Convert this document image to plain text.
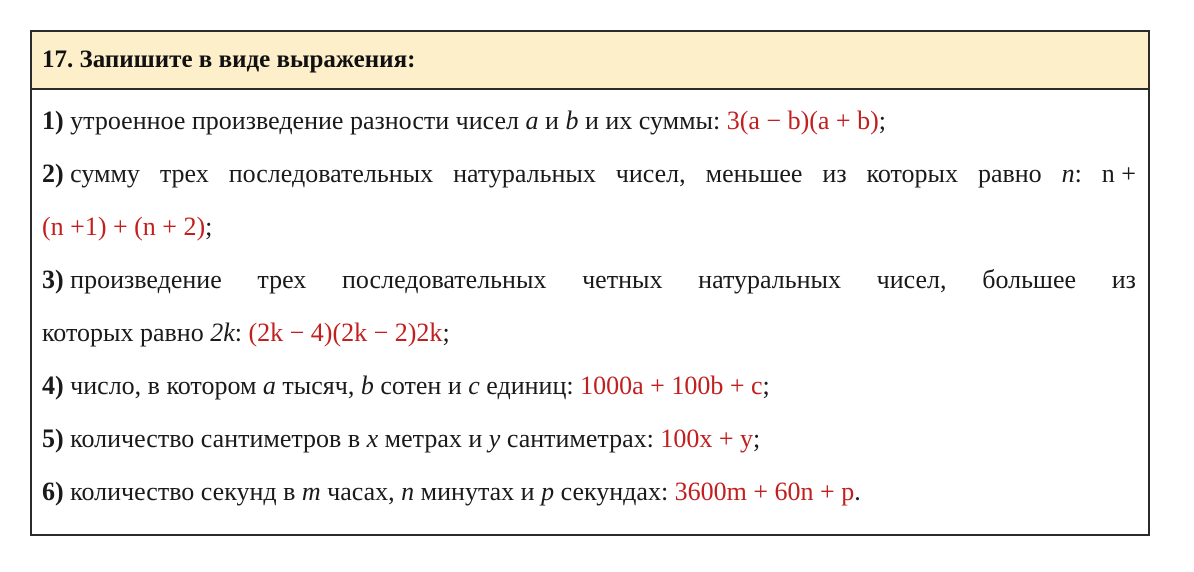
17. Запишите в виде выражения:
1) утроенное произведение разности чисел a и b и их суммы: 3(a − b)(a + b);
2) сумму трех последовательных натуральных чисел, меньшее из которых равно n: n +
(n +1) + (n + 2);
3) произведение трех последовательных четных натуральных чисел, большее из
которых равно 2k: (2k − 4)(2k − 2)2k;
4) число, в котором a тысяч, b сотен и c единиц: 1000a + 100b + c;
5) количество сантиметров в x метрах и y сантиметрах: 100x + y;
6) количество секунд в m часах, n минутах и p секундах: 3600m + 60n + p.
